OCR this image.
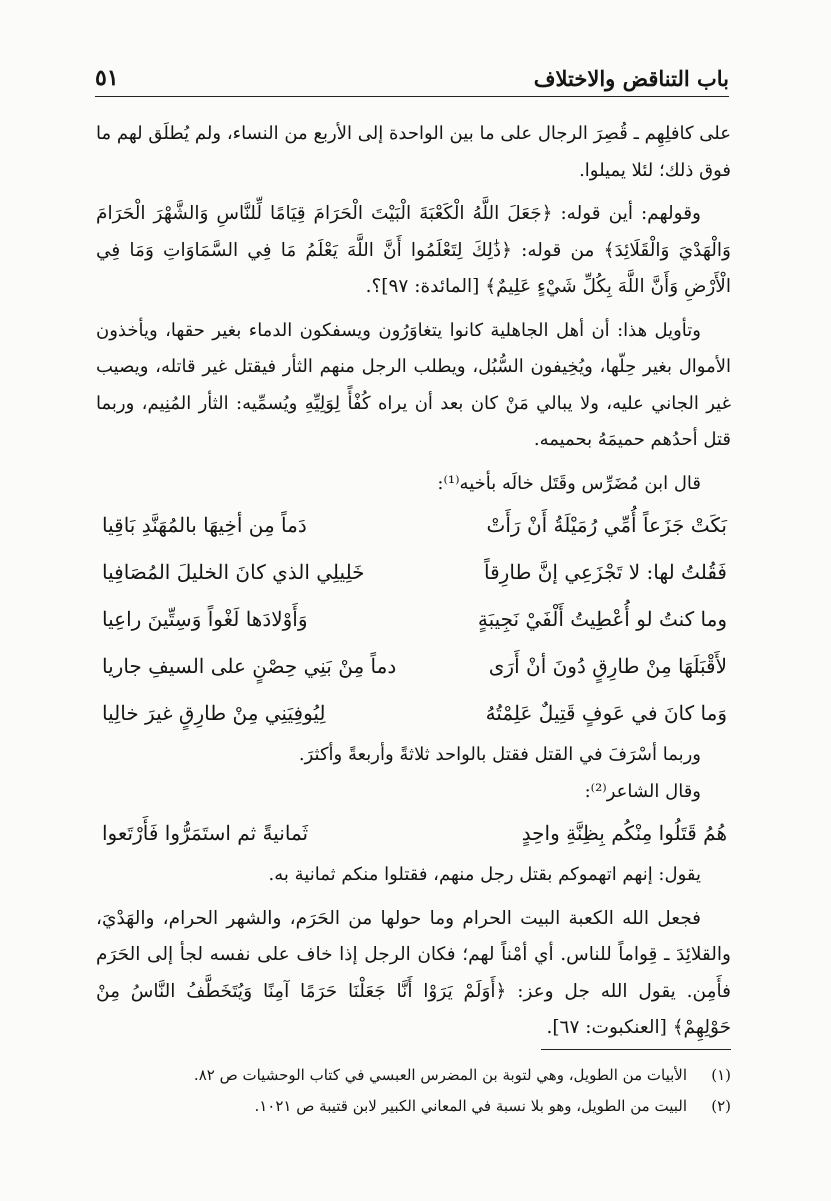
باب التناقض والاختلاف
٥١

على كافلِهِم ـ قُصِرَ الرجال على ما بين الواحدة إلى الأربع من النساء، ولم يُطلَق لهم ما فوق ذلك؛ لئلا يميلوا.

وقولهم: أين قوله: ﴿جَعَلَ اللَّهُ الْكَعْبَةَ الْبَيْتَ الْحَرَامَ قِيَامًا لِّلنَّاسِ وَالشَّهْرَ الْحَرَامَ وَالْهَدْيَ وَالْقَلَائِدَ﴾ من قوله: ﴿ذَٰلِكَ لِتَعْلَمُوا أَنَّ اللَّهَ يَعْلَمُ مَا فِي السَّمَاوَاتِ وَمَا فِي الْأَرْضِ وَأَنَّ اللَّهَ بِكُلِّ شَيْءٍ عَلِيمٌ﴾ [المائدة: ٩٧]؟.

وتأويل هذا: أن أهل الجاهلية كانوا يتغاوَرُون ويسفكون الدماء بغير حقها، ويأخذون الأموال بغير حِلّها، ويُخِيفون السُّبُل، ويطلب الرجل منهم الثأر فيقتل غير قاتله، ويصيب غير الجاني عليه، ولا يبالي مَنْ كان بعد أن يراه كُفْأً لِوَلِيِّهِ ويُسمِّيه: الثأر المُنِيم، وربما قتل أحدُهم حميمَهُ بحميمه.

قال ابن مُضَرِّس وقَتَل خالَه بأخيه⁽¹⁾:
بَكَتْ جَزَعاً أُمِّي رُمَيْلَةُ أَنْ رَأَتْ
دَماً مِن أخِيهَا بالمُهَنَّدِ بَاقِيا
فَقُلتُ لها: لا تَجْزَعِي إنَّ طارِقاً
خَلِيلِي الذي كانَ الخليلَ المُصَافِيا
وما كنتُ لو أُعْطِيتُ أَلْفَيْ نَجِيبَةٍ
وَأَوْلادَها لَغْواً وَسِتِّينَ راعِيا
لأَقْبَلَهَا مِنْ طارِقٍ دُونَ أنْ أَرَى
دماً مِنْ بَنِي حِصْنٍ على السيفِ جاريا
وَما كانَ في عَوفٍ قَتِيلٌ عَلِمْتُهُ
لِيُوفِيَنِي مِنْ طارِقٍ غيرَ خالِيا
وربما أسْرَفَ في القتل فقتل بالواحد ثلاثةً وأربعةً وأكثرَ.
وقال الشاعر⁽²⁾:
هُمُ قَتَلُوا مِنْكُم بِظِنَّةِ واحِدٍ
ثَمانيةً ثم استَمَرُّوا فَأَرْتَعوا

يقول: إنهم اتهموكم بقتل رجل منهم، فقتلوا منكم ثمانية به.

فجعل الله الكعبة البيت الحرام وما حولها من الحَرَم، والشهر الحرام، والهَدْيَ، والقلائِدَ ـ قِواماً للناس. أي أمْناً لهم؛ فكان الرجل إذا خاف على نفسه لجأ إلى الحَرَم فأَمِن. يقول الله جل وعز: ﴿أَوَلَمْ يَرَوْا أَنَّا جَعَلْنَا حَرَمًا آمِنًا وَيُتَخَطَّفُ النَّاسُ مِنْ حَوْلِهِمْ﴾ [العنكبوت: ٦٧].

(١)
الأبيات من الطويل، وهي لتوبة بن المضرس العبسي في كتاب الوحشيات ص ٨٢.
(٢)
البيت من الطويل، وهو بلا نسبة في المعاني الكبير لابن قتيبة ص ١٠٢١.
